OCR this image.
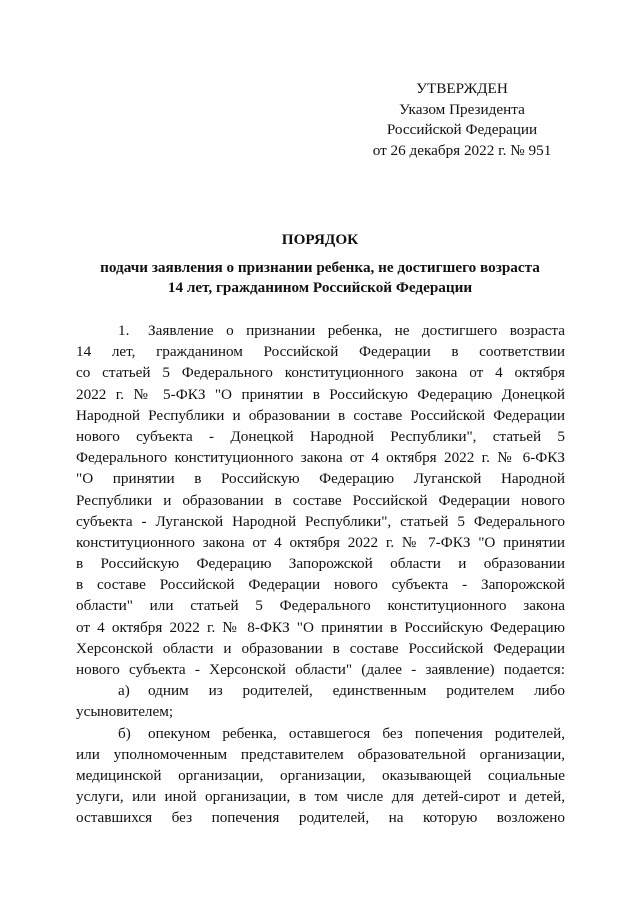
УТВЕРЖДЕН
Указом Президента
Российской Федерации
от 26 декабря 2022 г. № 951
ПОРЯДОК
подачи заявления о признании ребенка, не достигшего возраста
14 лет, гражданином Российской Федерации
1.	Заявление о признании ребенка, не достигшего возраста
14 лет, гражданином Российской Федерации в соответствии
со статьей 5 Федерального конституционного закона от 4 октября
2022 г. № 5-ФКЗ "О принятии в Российскую Федерацию Донецкой
Народной Республики и образовании в составе Российской Федерации
нового субъекта - Донецкой Народной Республики", статьей 5
Федерального конституционного закона от 4 октября 2022 г. № 6-ФКЗ
"О принятии в Российскую Федерацию Луганской Народной
Республики и образовании в составе Российской Федерации нового
субъекта - Луганской Народной Республики", статьей 5 Федерального
конституционного закона от 4 октября 2022 г. № 7-ФКЗ "О принятии
в Российскую Федерацию Запорожской области и образовании
в составе Российской Федерации нового субъекта - Запорожской
области" или статьей 5 Федерального конституционного закона
от 4 октября 2022 г. № 8-ФКЗ "О принятии в Российскую Федерацию
Херсонской области и образовании в составе Российской Федерации
нового субъекта - Херсонской области" (далее - заявление) подается:
а)	одним из родителей, единственным родителем либо
усыновителем;
б)	опекуном ребенка, оставшегося без попечения родителей,
или уполномоченным представителем образовательной организации,
медицинской организации, организации, оказывающей социальные
услуги, или иной организации, в том числе для детей-сирот и детей,
оставшихся без попечения родителей, на которую возложено
